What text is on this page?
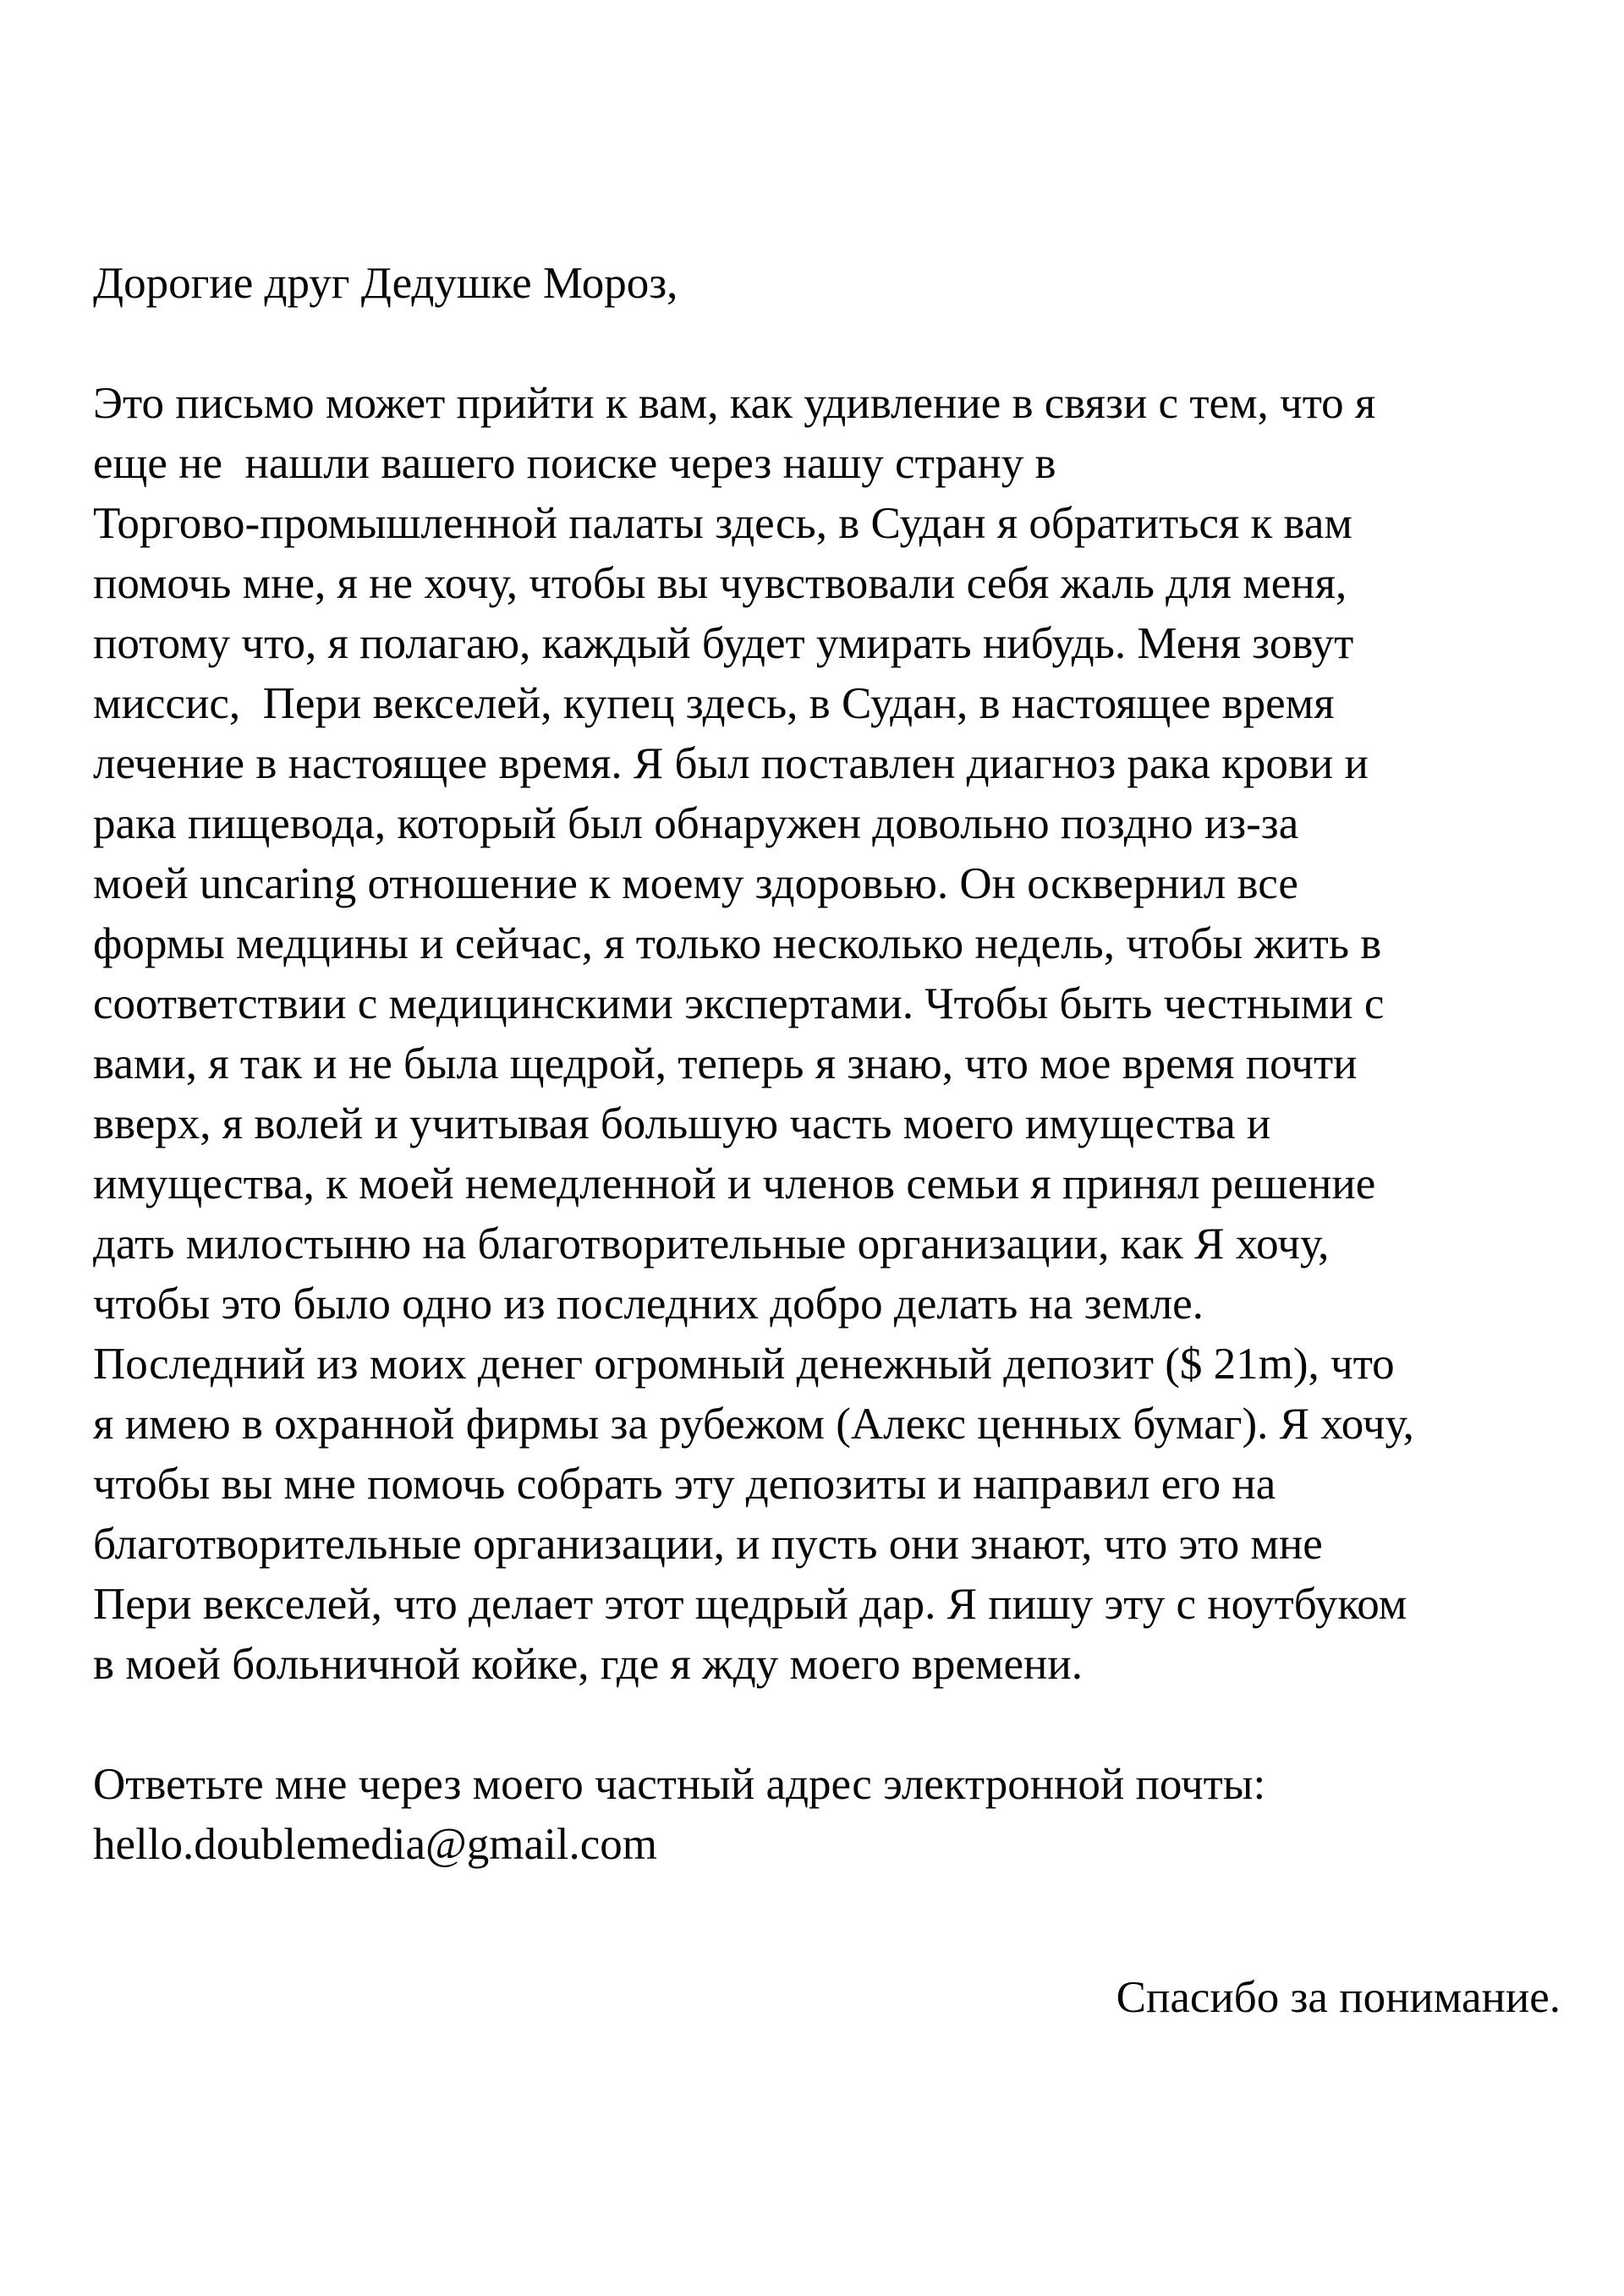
Дорогие друг Дедушке Мороз,
Это письмо может прийти к вам, как удивление в связи с тем, что я
еще не  нашли вашего поиске через нашу страну в
Торгово-промышленной палаты здесь, в Судан я обратиться к вам
помочь мне, я не хочу, чтобы вы чувствовали себя жаль для меня,
потому что, я полагаю, каждый будет умирать нибудь. Меня зовут
миссис,  Пери векселей, купец здесь, в Судан, в настоящее время
лечение в настоящее время. Я был поставлен диагноз рака крови и
рака пищевода, который был обнаружен довольно поздно из-за
моей uncaring отношение к моему здоровью. Он осквернил все
формы медцины и сейчас, я только несколько недель, чтобы жить в
соответствии с медицинскими экспертами. Чтобы быть честными с
вами, я так и не была щедрой, теперь я знаю, что мое время почти
вверх, я волей и учитывая большую часть моего имущества и
имущества, к моей немедленной и членов семьи я принял решение
дать милостыню на благотворительные организации, как Я хочу,
чтобы это было одно из последних добро делать на земле.
Последний из моих денег огромный денежный депозит ($ 21m), что
я имею в охранной фирмы за рубежом (Алекс ценных бумаг). Я хочу,
чтобы вы мне помочь собрать эту депозиты и направил его на
благотворительные организации, и пусть они знают, что это мне
Пери векселей, что делает этот щедрый дар. Я пишу эту с ноутбуком
в моей больничной койке, где я жду моего времени.
Ответьте мне через моего частный адрес электронной почты:
hello.doublemedia@gmail.com
Спасибо за понимание.
